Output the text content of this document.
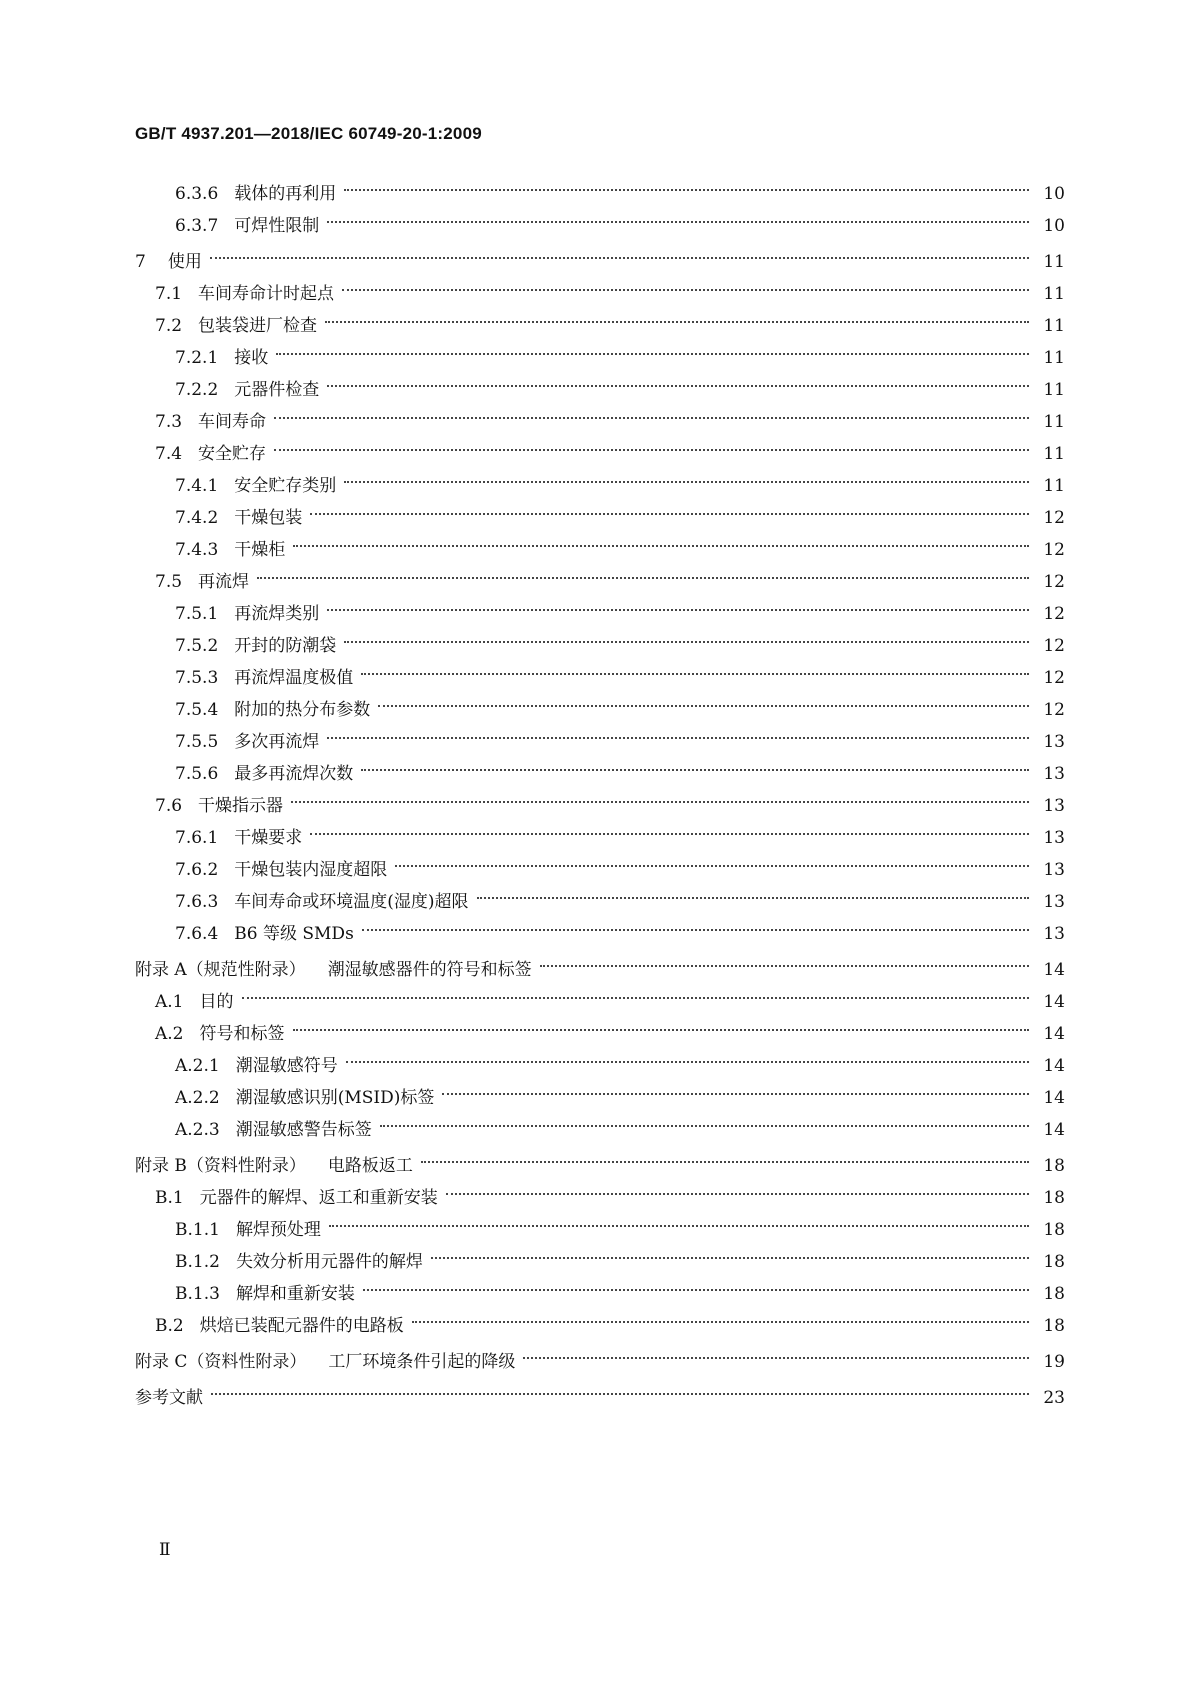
GB/T 4937.201—2018/IEC 60749-20-1:2009
6.3.6 载体的再利用	10
6.3.7 可焊性限制	10
7 使用	11
7.1 车间寿命计时起点	11
7.2 包装袋进厂检查	11
7.2.1 接收	11
7.2.2 元器件检查	11
7.3 车间寿命	11
7.4 安全贮存	11
7.4.1 安全贮存类别	11
7.4.2 干燥包装	12
7.4.3 干燥柜	12
7.5 再流焊	12
7.5.1 再流焊类别	12
7.5.2 开封的防潮袋	12
7.5.3 再流焊温度极值	12
7.5.4 附加的热分布参数	12
7.5.5 多次再流焊	13
7.5.6 最多再流焊次数	13
7.6 干燥指示器	13
7.6.1 干燥要求	13
7.6.2 干燥包装内湿度超限	13
7.6.3 车间寿命或环境温度(湿度)超限	13
7.6.4 B6 等级 SMDs	13
附录 A（规范性附录） 潮湿敏感器件的符号和标签	14
A.1 目的	14
A.2 符号和标签	14
A.2.1 潮湿敏感符号	14
A.2.2 潮湿敏感识别(MSID)标签	14
A.2.3 潮湿敏感警告标签	14
附录 B（资料性附录） 电路板返工	18
B.1 元器件的解焊、返工和重新安装	18
B.1.1 解焊预处理	18
B.1.2 失效分析用元器件的解焊	18
B.1.3 解焊和重新安装	18
B.2 烘焙已装配元器件的电路板	18
附录 C（资料性附录） 工厂环境条件引起的降级	19
参考文献	23
Ⅱ
